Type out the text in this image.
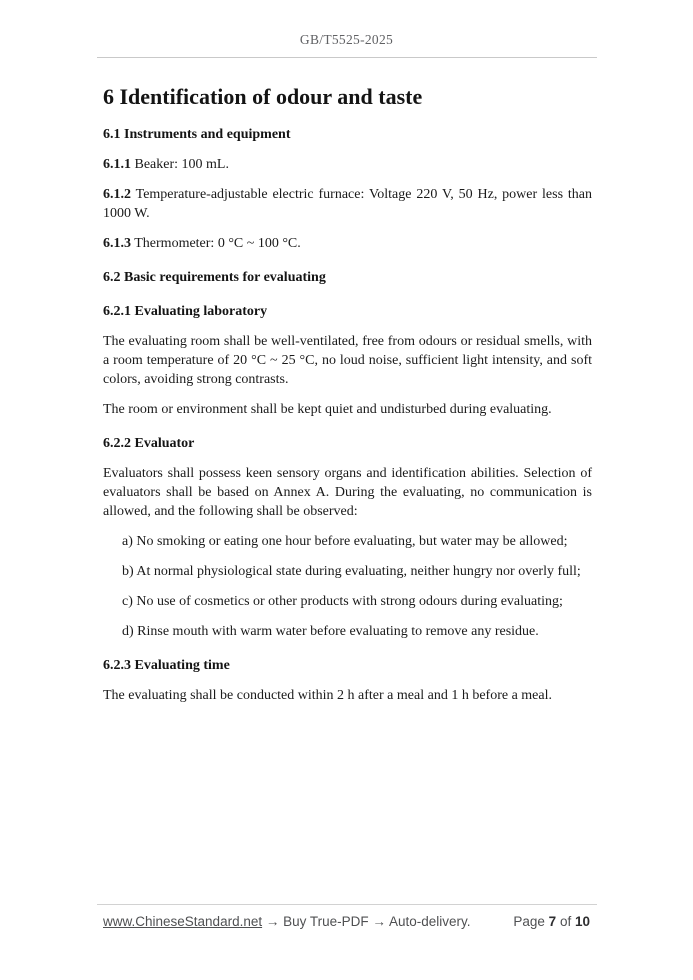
GB/T5525-2025
6 Identification of odour and taste
6.1 Instruments and equipment

6.1.1 Beaker: 100 mL.

6.1.2 Temperature-adjustable electric furnace: Voltage 220 V, 50 Hz, power less than 1000 W.

6.1.3 Thermometer: 0 °C ~ 100 °C.

6.2 Basic requirements for evaluating
6.2.1 Evaluating laboratory

The evaluating room shall be well-ventilated, free from odours or residual smells, with a room temperature of 20 °C ~ 25 °C, no loud noise, sufficient light intensity, and soft colors, avoiding strong contrasts.

The room or environment shall be kept quiet and undisturbed during evaluating.

6.2.2 Evaluator

Evaluators shall possess keen sensory organs and identification abilities. Selection of evaluators shall be based on Annex A. During the evaluating, no communication is allowed, and the following shall be observed:

a) No smoking or eating one hour before evaluating, but water may be allowed;
b) At normal physiological state during evaluating, neither hungry nor overly full;
c) No use of cosmetics or other products with strong odours during evaluating;
d) Rinse mouth with warm water before evaluating to remove any residue.
6.2.3 Evaluating time

The evaluating shall be conducted within 2 h after a meal and 1 h before a meal.

www.ChineseStandard.net → Buy True-PDF → Auto-delivery.	Page 7 of 10
